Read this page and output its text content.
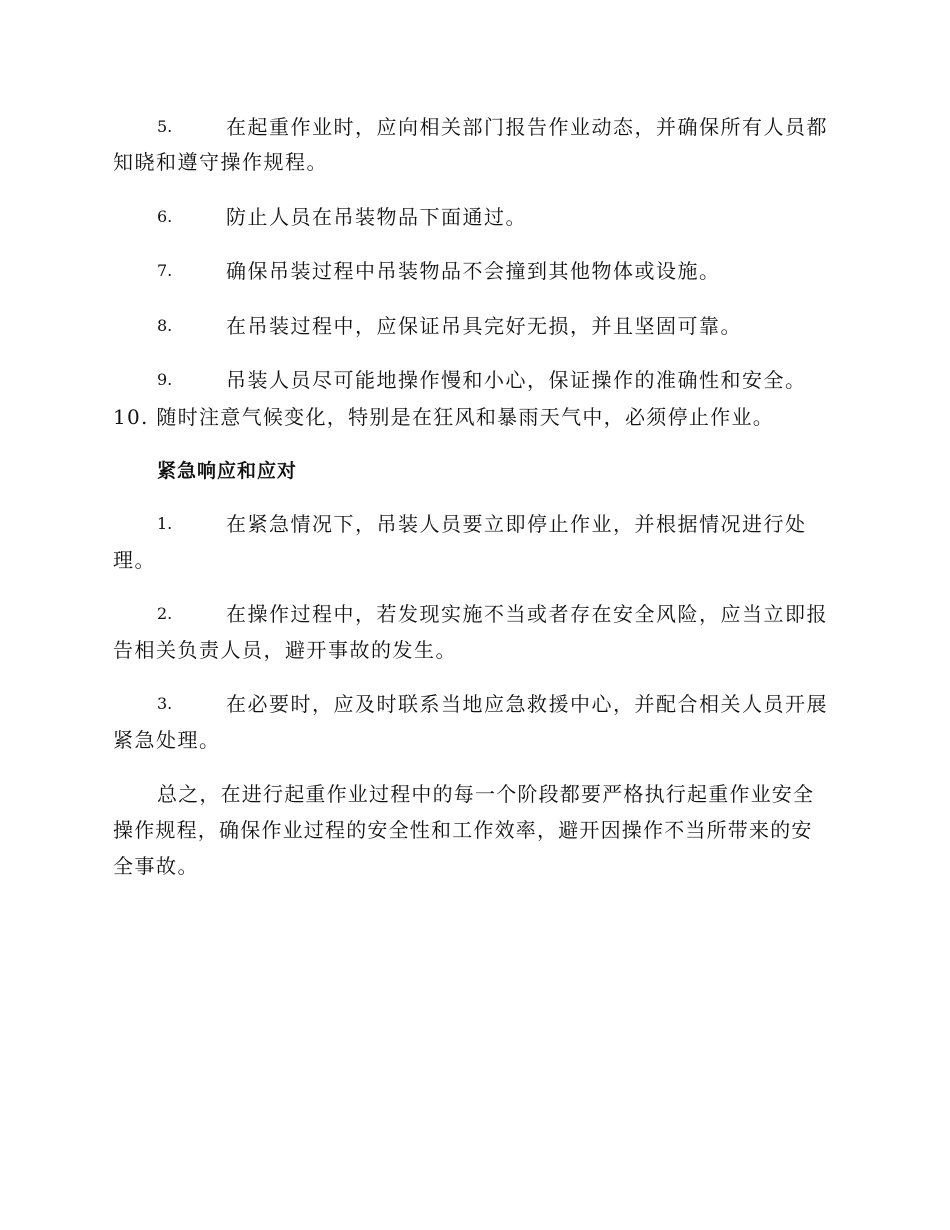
5.	在起重作业时，应向相关部门报告作业动态，并确保所有人员都
知晓和遵守操作规程。
6.	防止人员在吊装物品下面通过。
7.	确保吊装过程中吊装物品不会撞到其他物体或设施。
8.	在吊装过程中，应保证吊具完好无损，并且坚固可靠。
9.	吊装人员尽可能地操作慢和小心，保证操作的准确性和安全。
10. 随时注意气候变化，特别是在狂风和暴雨天气中，必须停止作业。
紧急响应和应对
1.	在紧急情况下，吊装人员要立即停止作业，并根据情况进行处
理。
2.	在操作过程中，若发现实施不当或者存在安全风险，应当立即报
告相关负责人员，避开事故的发生。
3.	在必要时，应及时联系当地应急救援中心，并配合相关人员开展
紧急处理。
总之，在进行起重作业过程中的每一个阶段都要严格执行起重作业安全
操作规程，确保作业过程的安全性和工作效率，避开因操作不当所带来的安
全事故。
